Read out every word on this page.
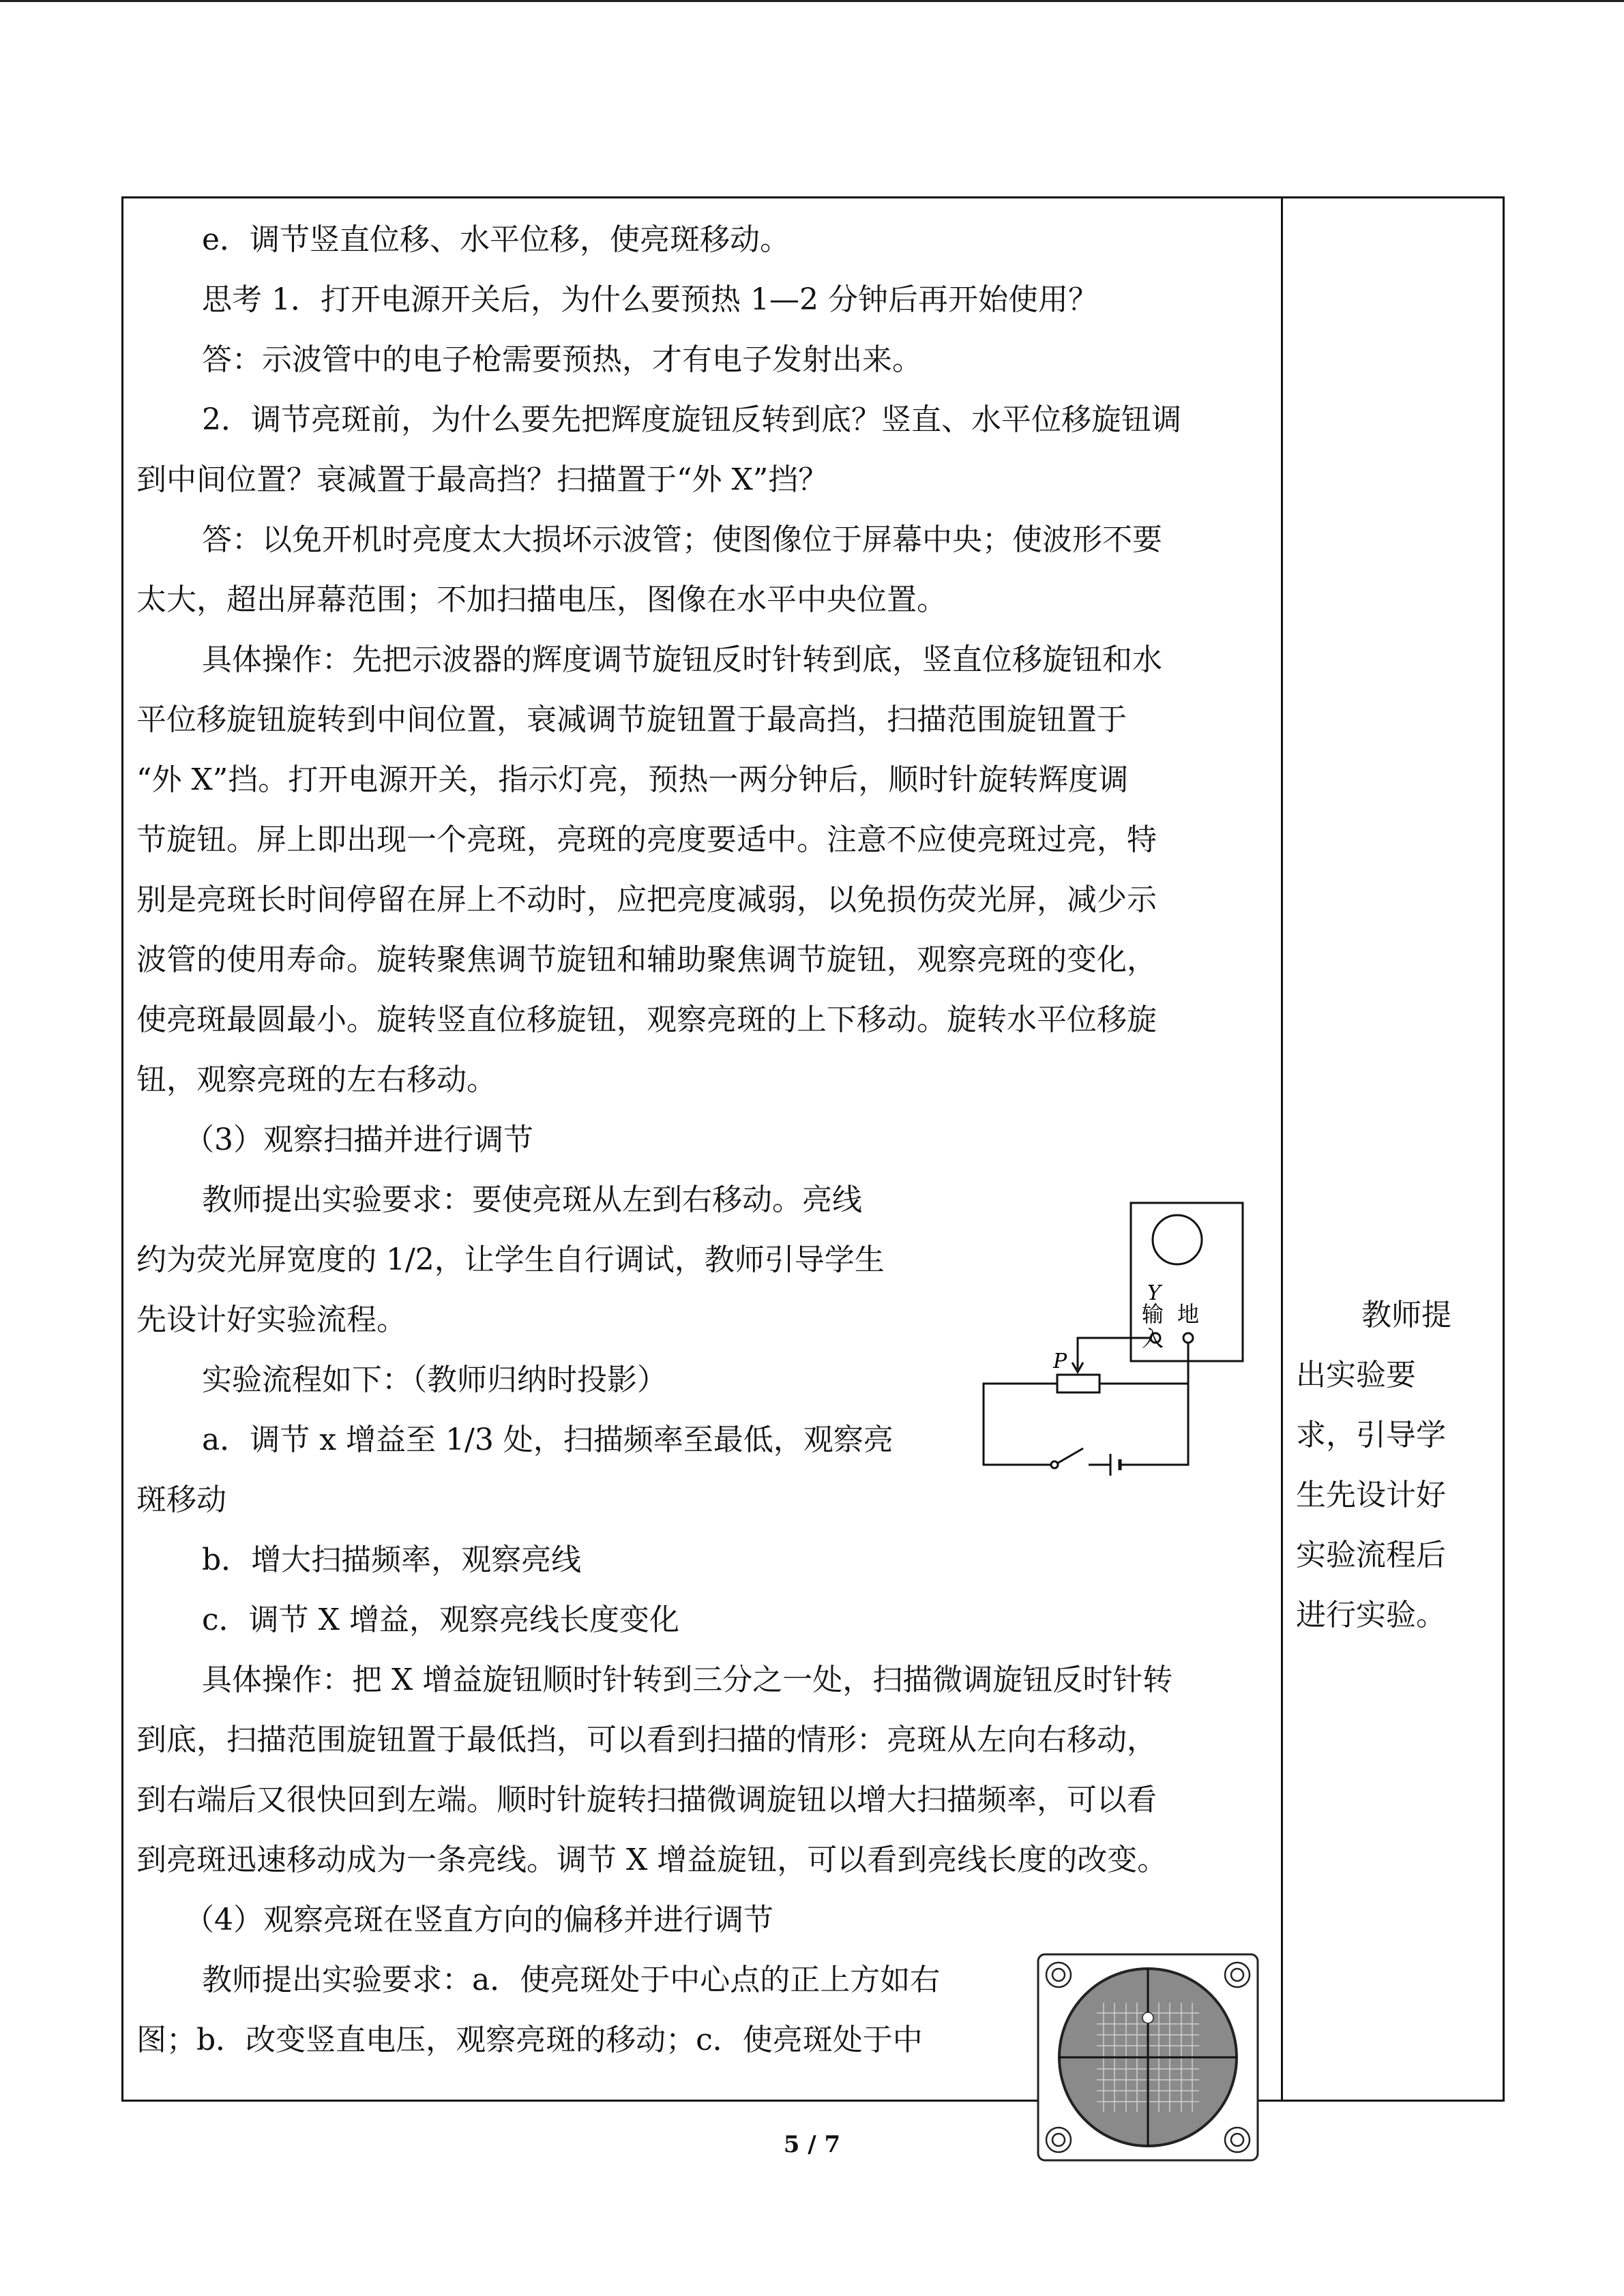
e．调节竖直位移、水平位移，使亮斑移动。
思考 1．打开电源开关后，为什么要预热 1—2 分钟后再开始使用？
答：示波管中的电子枪需要预热，才有电子发射出来。
2．调节亮斑前，为什么要先把辉度旋钮反转到底？竖直、水平位移旋钮调
到中间位置？衰减置于最高挡？扫描置于“外 X”挡？
答：以免开机时亮度太大损坏示波管；使图像位于屏幕中央；使波形不要
太大，超出屏幕范围；不加扫描电压，图像在水平中央位置。
具体操作：先把示波器的辉度调节旋钮反时针转到底，竖直位移旋钮和水
平位移旋钮旋转到中间位置，衰减调节旋钮置于最高挡，扫描范围旋钮置于
“外 X”挡。打开电源开关，指示灯亮，预热一两分钟后，顺时针旋转辉度调
节旋钮。屏上即出现一个亮斑，亮斑的亮度要适中。注意不应使亮斑过亮，特
别是亮斑长时间停留在屏上不动时，应把亮度减弱，以免损伤荧光屏，减少示
波管的使用寿命。旋转聚焦调节旋钮和辅助聚焦调节旋钮，观察亮斑的变化，
使亮斑最圆最小。旋转竖直位移旋钮，观察亮斑的上下移动。旋转水平位移旋
钮，观察亮斑的左右移动。
（3）观察扫描并进行调节
教师提出实验要求：要使亮斑从左到右移动。亮线
约为荧光屏宽度的 1/2，让学生自行调试，教师引导学生
先设计好实验流程。
实验流程如下：（教师归纳时投影）
a．调节 x 增益至 1/3 处，扫描频率至最低，观察亮
斑移动
b．增大扫描频率，观察亮线
c．调节 X 增益，观察亮线长度变化
具体操作：把 X 增益旋钮顺时针转到三分之一处，扫描微调旋钮反时针转
到底，扫描范围旋钮置于最低挡，可以看到扫描的情形：亮斑从左向右移动，
到右端后又很快回到左端。顺时针旋转扫描微调旋钮以增大扫描频率，可以看
到亮斑迅速移动成为一条亮线。调节 X 增益旋钮，可以看到亮线长度的改变。
（4）观察亮斑在竖直方向的偏移并进行调节
教师提出实验要求：a．使亮斑处于中心点的正上方如右
图；b．改变竖直电压，观察亮斑的移动；c．使亮斑处于中
教师提
出实验要
求，引导学
生先设计好
实验流程后
进行实验。
Y
输
入
地
P
5 / 7
